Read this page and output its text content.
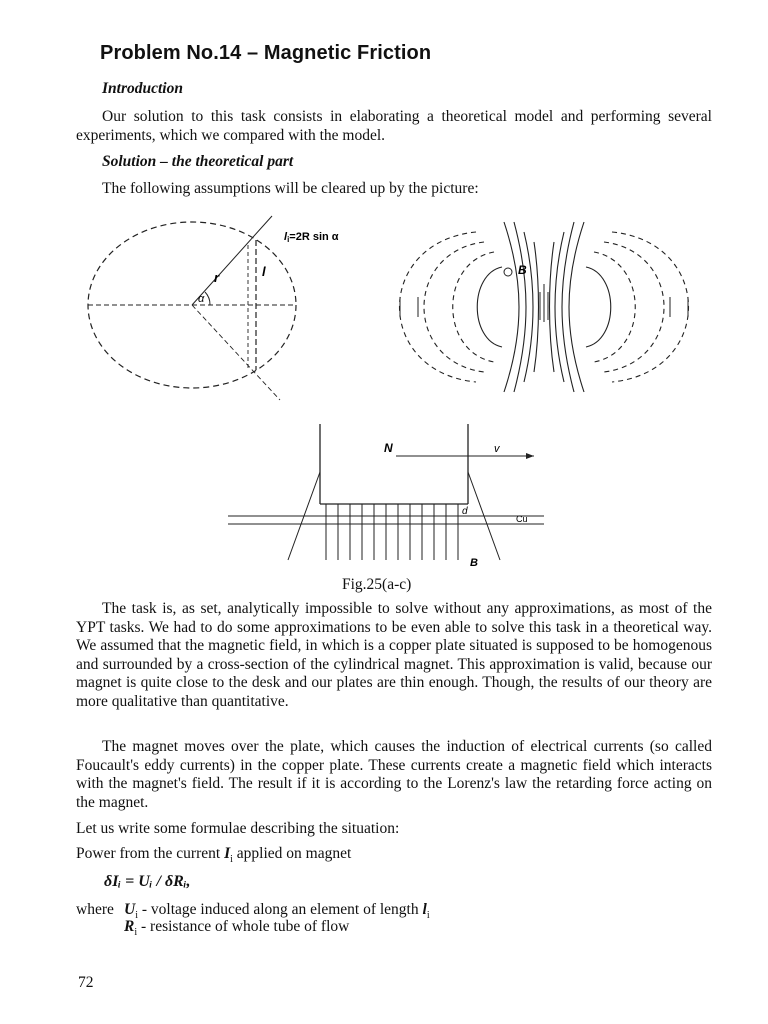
Problem No.14 – Magnetic Friction
Introduction
Our solution to this task consists in elaborating a theoretical model and performing several experiments, which we compared with the model.
Solution – the theoretical part
The following assumptions will be cleared up by the picture:
r
α
l
li=2R sin α
B
N	v
Cu
d
B
Fig.25(a-c)
The task is, as set, analytically impossible to solve without any approximations, as most of the YPT tasks. We had to do some approximations to be even able to solve this task in a theoretical way. We assumed that the magnetic field, in which is a copper plate situated is supposed to be homogenous and surrounded by a cross-section of the cylindrical magnet. This approximation is valid, because our magnet is quite close to the desk and our plates are thin enough. Though, the results of our theory are more qualitative than quantitative.
The magnet moves over the plate, which causes the induction of electrical currents (so called Foucault's eddy currents) in the copper plate. These currents create a magnetic field which interacts with the magnet's field. The result if it is according to the Lorenz's law the retarding force acting on the magnet.
Let us write some formulae describing the situation:
Power from the current $I_i$ applied on magnet
δIᵢ = Uᵢ / δRᵢ,
where $U_i$ - voltage induced along an element of length $l_i$
$R_i$ - resistance of whole tube of flow
72
